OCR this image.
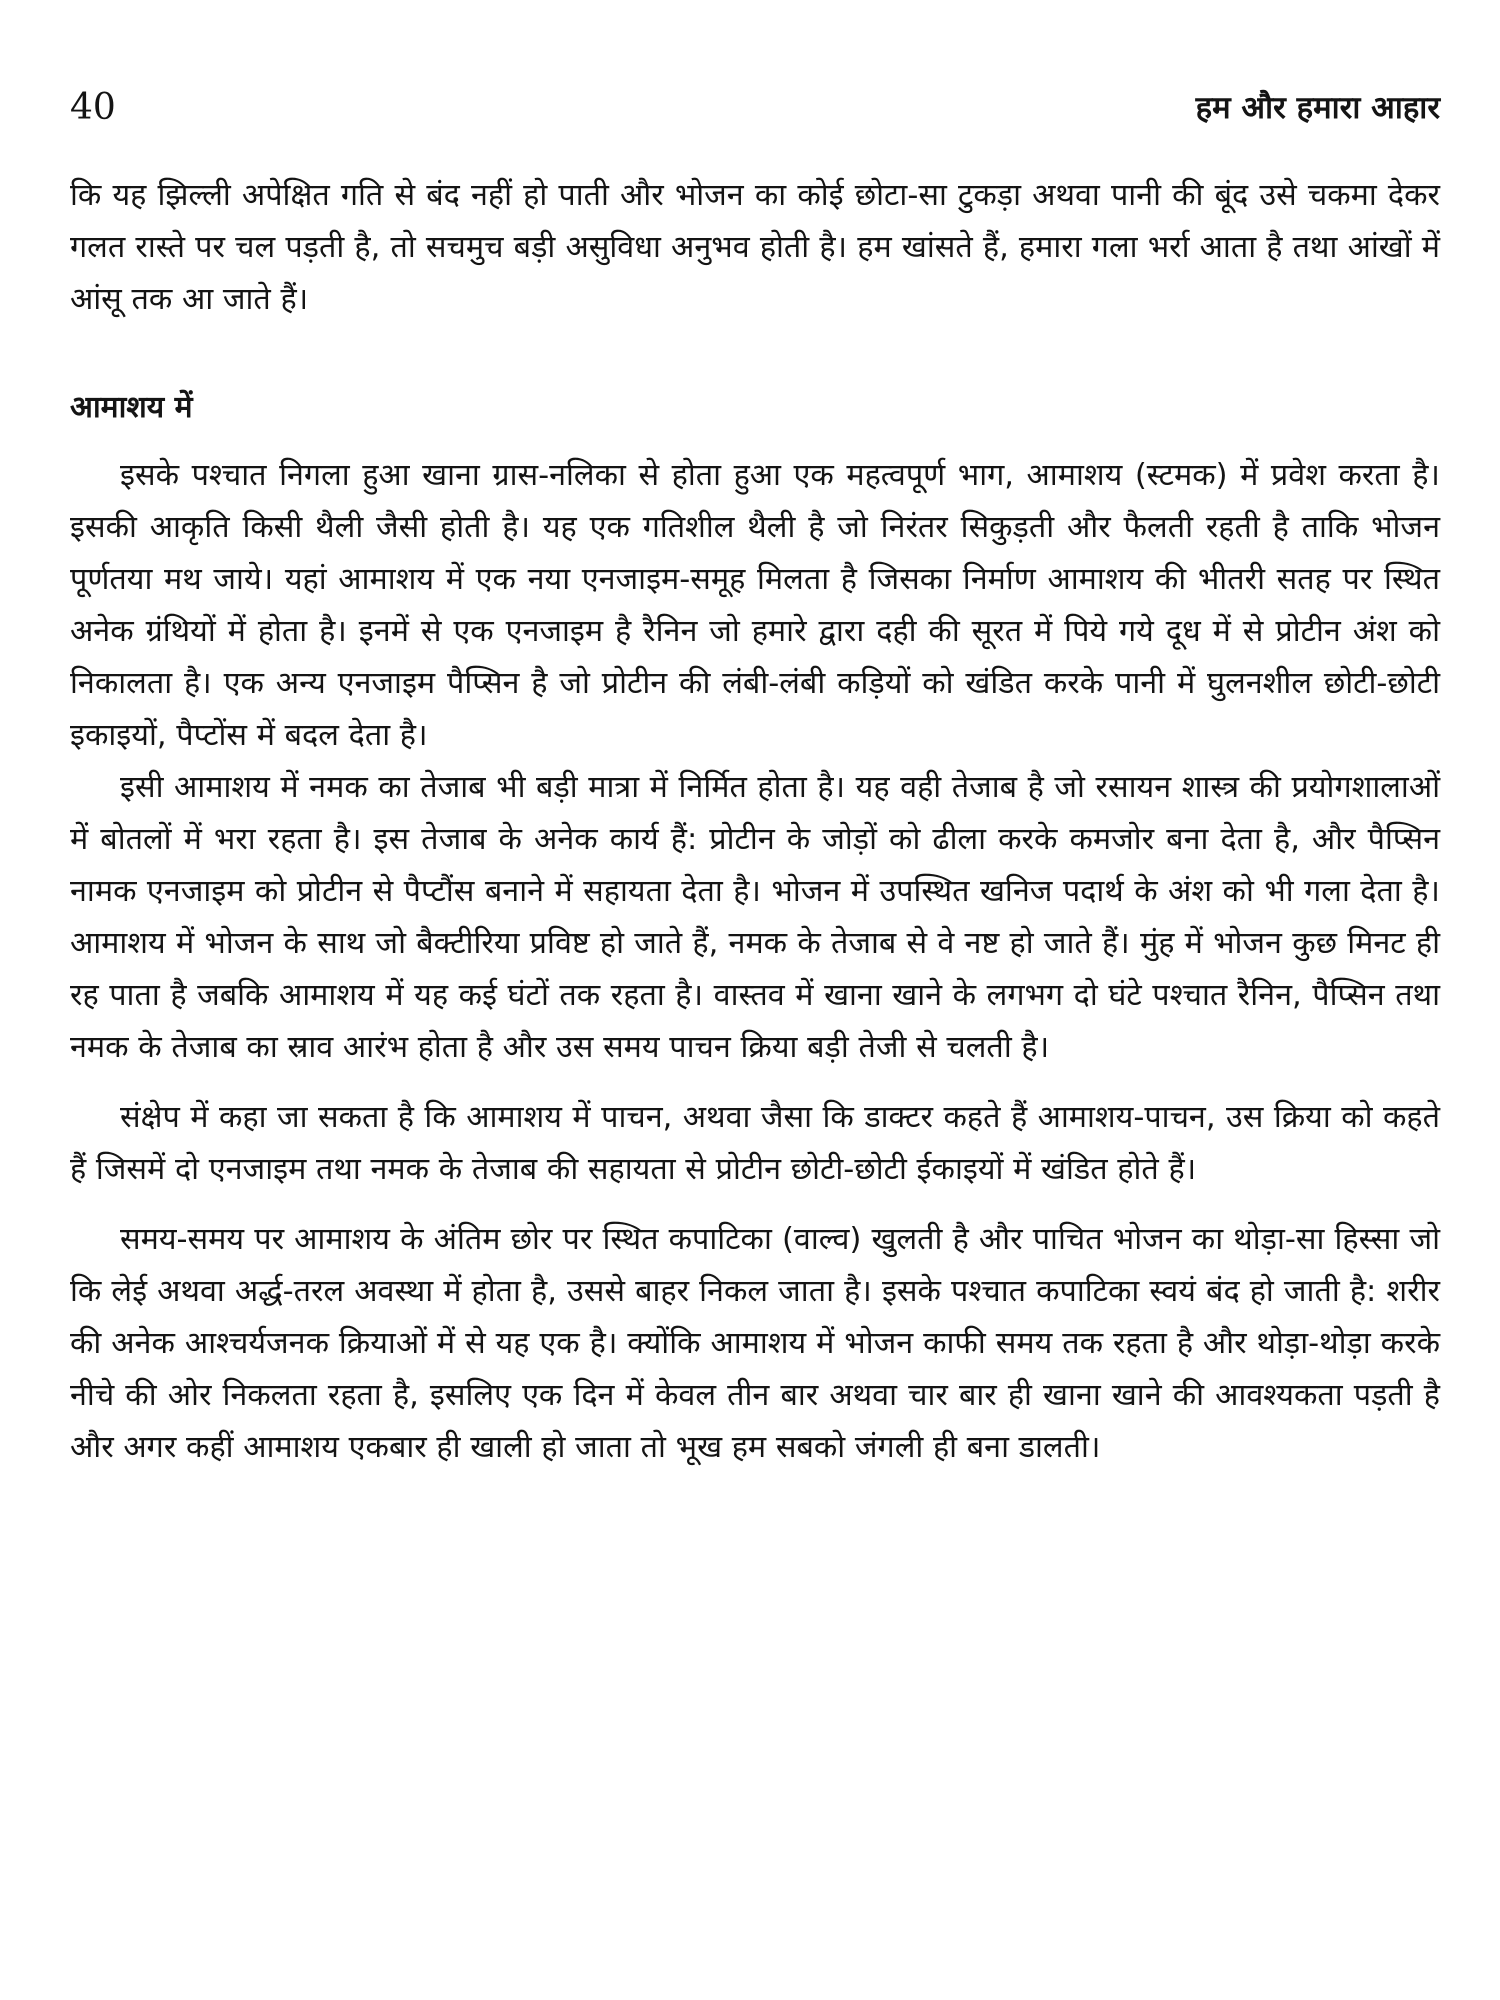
40	हम और हमारा आहार

कि यह झिल्ली अपेक्षित गति से बंद नहीं हो पाती और भोजन का कोई छोटा-सा टुकड़ा अथवा पानी की बूंद उसे चकमा देकर गलत रास्ते पर चल पड़ती है, तो सचमुच बड़ी असुविधा अनुभव होती है। हम खांसते हैं, हमारा गला भर्रा आता है तथा आंखों में आंसू तक आ जाते हैं।

आमाशय में

इसके पश्चात निगला हुआ खाना ग्रास-नलिका से होता हुआ एक महत्वपूर्ण भाग, आमाशय (स्टमक) में प्रवेश करता है। इसकी आकृति किसी थैली जैसी होती है। यह एक गतिशील थैली है जो निरंतर सिकुड़ती और फैलती रहती है ताकि भोजन पूर्णतया मथ जाये। यहां आमाशय में एक नया एनजाइम-समूह मिलता है जिसका निर्माण आमाशय की भीतरी सतह पर स्थित अनेक ग्रंथियों में होता है। इनमें से एक एनजाइम है रैनिन जो हमारे द्वारा दही की सूरत में पिये गये दूध में से प्रोटीन अंश को निकालता है। एक अन्य एनजाइम पैप्सिन है जो प्रोटीन की लंबी-लंबी कड़ियों को खंडित करके पानी में घुलनशील छोटी-छोटी इकाइयों, पैप्टोंस में बदल देता है।

इसी आमाशय में नमक का तेजाब भी बड़ी मात्रा में निर्मित होता है। यह वही तेजाब है जो रसायन शास्त्र की प्रयोगशालाओं में बोतलों में भरा रहता है। इस तेजाब के अनेक कार्य हैं: प्रोटीन के जोड़ों को ढीला करके कमजोर बना देता है, और पैप्सिन नामक एनजाइम को प्रोटीन से पैप्टौंस बनाने में सहायता देता है। भोजन में उपस्थित खनिज पदार्थ के अंश को भी गला देता है। आमाशय में भोजन के साथ जो बैक्टीरिया प्रविष्ट हो जाते हैं, नमक के तेजाब से वे नष्ट हो जाते हैं। मुंह में भोजन कुछ मिनट ही रह पाता है जबकि आमाशय में यह कई घंटों तक रहता है। वास्तव में खाना खाने के लगभग दो घंटे पश्चात रैनिन, पैप्सिन तथा नमक के तेजाब का स्राव आरंभ होता है और उस समय पाचन क्रिया बड़ी तेजी से चलती है।

संक्षेप में कहा जा सकता है कि आमाशय में पाचन, अथवा जैसा कि डाक्टर कहते हैं आमाशय-पाचन, उस क्रिया को कहते हैं जिसमें दो एनजाइम तथा नमक के तेजाब की सहायता से प्रोटीन छोटी-छोटी ईकाइयों में खंडित होते हैं।

समय-समय पर आमाशय के अंतिम छोर पर स्थित कपाटिका (वाल्व) खुलती है और पाचित भोजन का थोड़ा-सा हिस्सा जो कि लेई अथवा अर्द्ध-तरल अवस्था में होता है, उससे बाहर निकल जाता है। इसके पश्चात कपाटिका स्वयं बंद हो जाती है: शरीर की अनेक आश्चर्यजनक क्रियाओं में से यह एक है। क्योंकि आमाशय में भोजन काफी समय तक रहता है और थोड़ा-थोड़ा करके नीचे की ओर निकलता रहता है, इसलिए एक दिन में केवल तीन बार अथवा चार बार ही खाना खाने की आवश्यकता पड़ती है और अगर कहीं आमाशय एकबार ही खाली हो जाता तो भूख हम सबको जंगली ही बना डालती।
